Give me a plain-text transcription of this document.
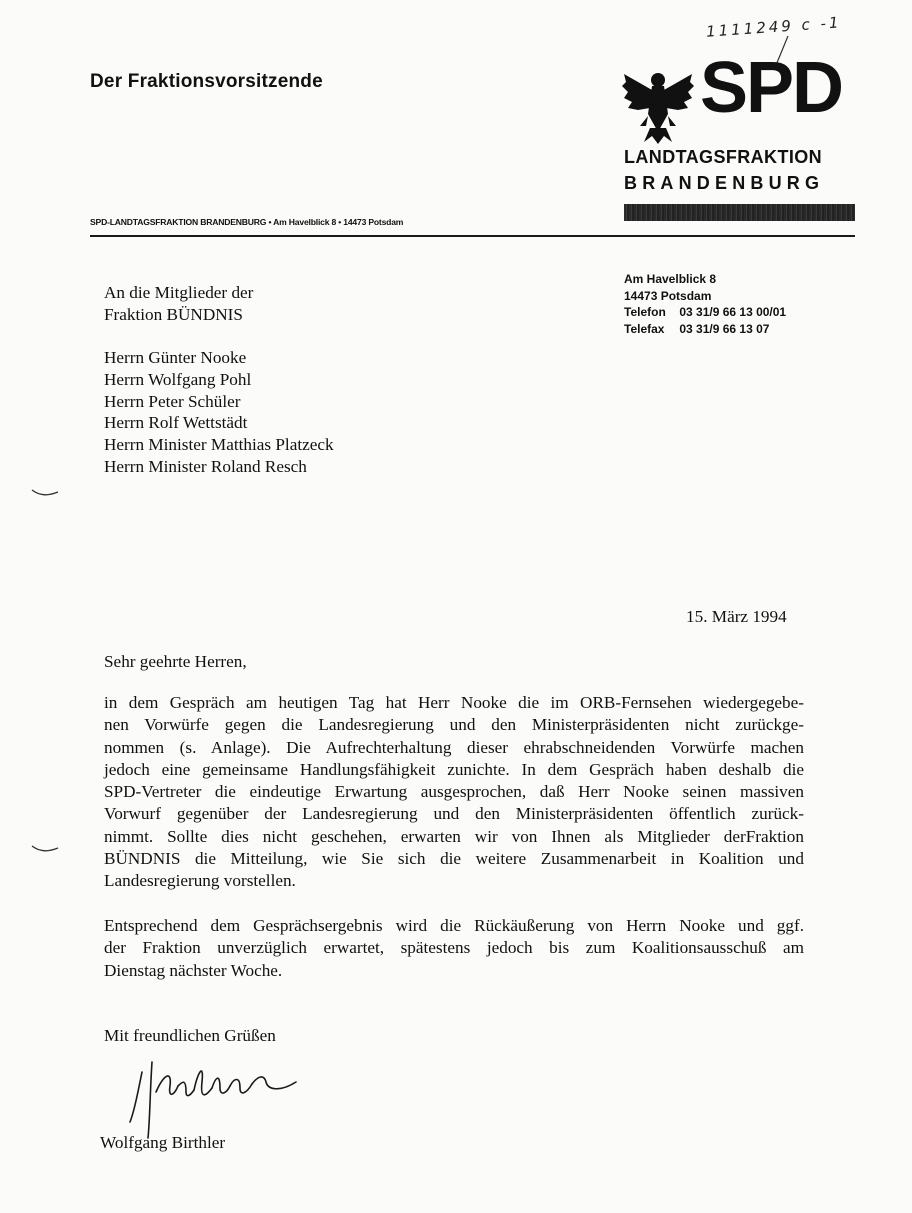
1111249 c -1
Der Fraktionsvorsitzende	SPD
LANDTAGSFRAKTION
BRANDENBURG
SPD-LANDTAGSFRAKTION BRANDENBURG • Am Havelblick 8 • 14473 Potsdam
Am Havelblick 8
14473 Potsdam
Telefon 03 31/9 66 13 00/01
Telefax 03 31/9 66 13 07
An die Mitglieder der
Fraktion BÜNDNIS
Herrn Günter Nooke
Herrn Wolfgang Pohl
Herrn Peter Schüler
Herrn Rolf Wettstädt
Herrn Minister Matthias Platzeck
Herrn Minister Roland Resch
15. März 1994
Sehr geehrte Herren,
in dem Gespräch am heutigen Tag hat Herr Nooke die im ORB-Fernsehen wiedergegebe-
nen Vorwürfe gegen die Landesregierung und den Ministerpräsidenten nicht zurückge-
nommen (s. Anlage). Die Aufrechterhaltung dieser ehrabschneidenden Vorwürfe machen
jedoch eine gemeinsame Handlungsfähigkeit zunichte. In dem Gespräch haben deshalb die
SPD-Vertreter die eindeutige Erwartung ausgesprochen, daß Herr Nooke seinen massiven
Vorwurf gegenüber der Landesregierung und den Ministerpräsidenten öffentlich zurück-
nimmt. Sollte dies nicht geschehen, erwarten wir von Ihnen als Mitglieder derFraktion
BÜNDNIS die Mitteilung, wie Sie sich die weitere Zusammenarbeit in Koalition und
Landesregierung vorstellen.
Entsprechend dem Gesprächsergebnis wird die Rückäußerung von Herrn Nooke und ggf.
der Fraktion unverzüglich erwartet, spätestens jedoch bis zum Koalitionsausschuß am
Dienstag nächster Woche.
Mit freundlichen Grüßen
Wolfgang Birthler
